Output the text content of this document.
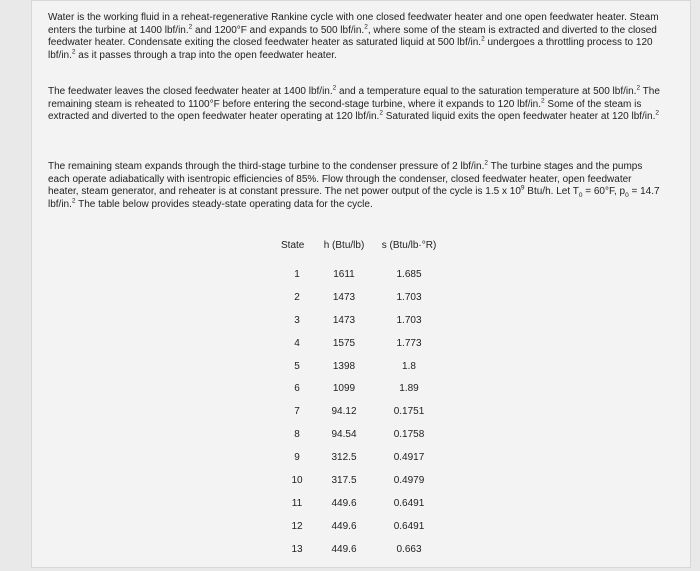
Water is the working fluid in a reheat-regenerative Rankine cycle with one closed feedwater heater and one open feedwater heater. Steam enters the turbine at 1400 lbf/in.$^2$ and 1200°F and expands to 500 lbf/in.$^2$, where some of the steam is extracted and diverted to the closed feedwater heater. Condensate exiting the closed feedwater heater as saturated liquid at 500 lbf/in.$^2$ undergoes a throttling process to 120 lbf/in.$^2$ as it passes through a trap into the open feedwater heater.

The feedwater leaves the closed feedwater heater at 1400 lbf/in.$^2$ and a temperature equal to the saturation temperature at 500 lbf/in.$^2$ The remaining steam is reheated to 1100°F before entering the second-stage turbine, where it expands to 120 lbf/in.$^2$ Some of the steam is extracted and diverted to the open feedwater heater operating at 120 lbf/in.$^2$ Saturated liquid exits the open feedwater heater at 120 lbf/in.$^2$

The remaining steam expands through the third-stage turbine to the condenser pressure of 2 lbf/in.$^2$ The turbine stages and the pumps each operate adiabatically with isentropic efficiencies of 85%. Flow through the condenser, closed feedwater heater, open feedwater heater, steam generator, and reheater is at constant pressure. The net power output of the cycle is 1.5 x $10^9$ Btu/h. Let $T_0 = 60^\circ F$, $p_0 = 14.7$ lbf/in.$^2$ The table below provides steady-state operating data for the cycle.

State	h (Btu/lb)	s (Btu/lb·°R)
1	1611	1.685
2	1473	1.703
3	1473	1.703
4	1575	1.773
5	1398	1.8
6	1099	1.89
7	94.12	0.1751
8	94.54	0.1758
9	312.5	0.4917
10	317.5	0.4979
11	449.6	0.6491
12	449.6	0.6491
13	449.6	0.663
